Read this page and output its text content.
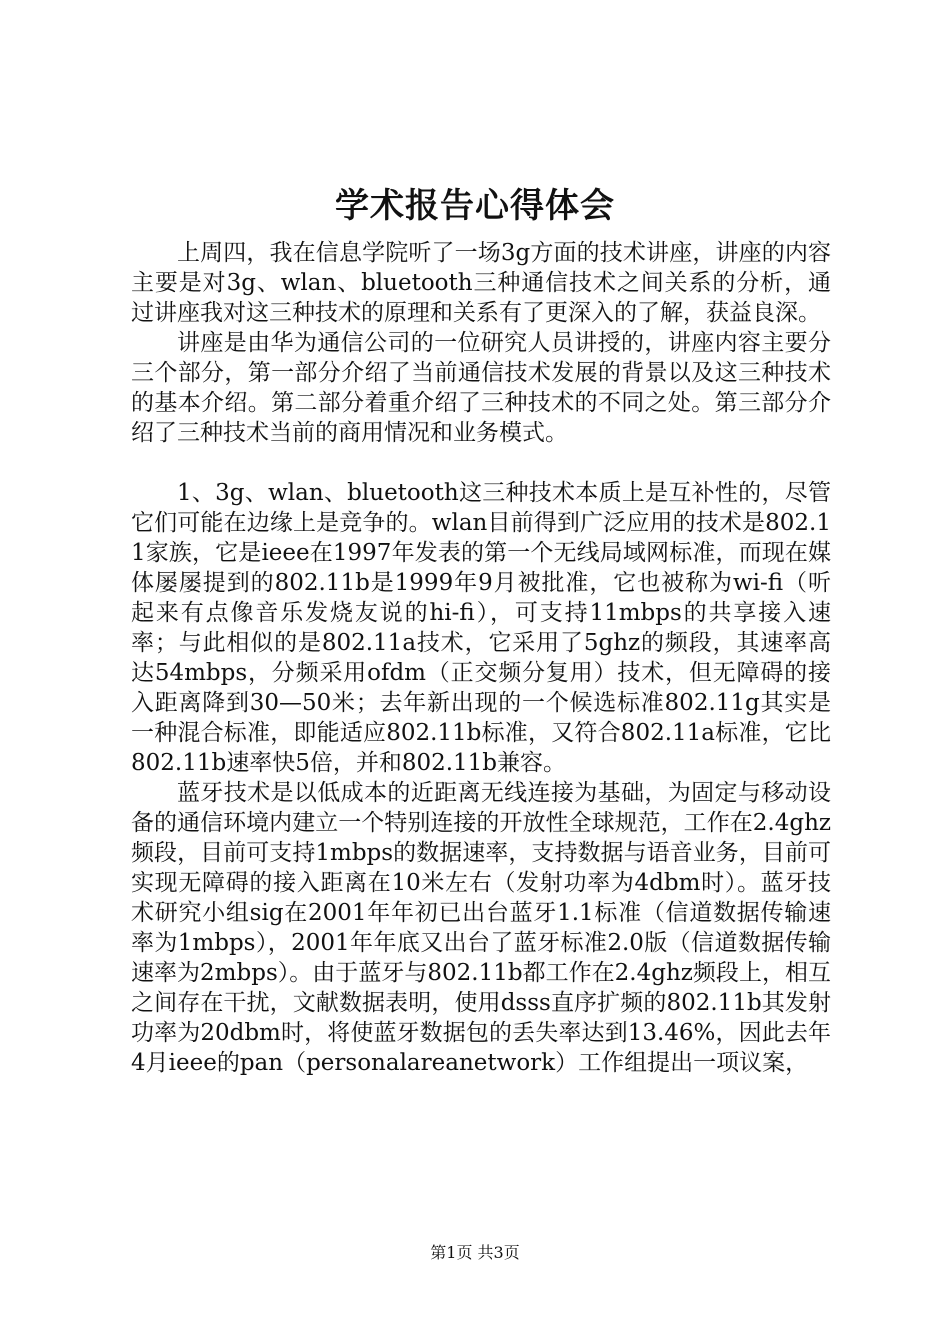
学术报告心得体会

上周四，我在信息学院听了一场3g方面的技术讲座，讲座的内容主要是对3g、wlan、bluetooth三种通信技术之间关系的分析，通过讲座我对这三种技术的原理和关系有了更深入的了解，获益良深。

讲座是由华为通信公司的一位研究人员讲授的，讲座内容主要分三个部分，第一部分介绍了当前通信技术发展的背景以及这三种技术的基本介绍。第二部分着重介绍了三种技术的不同之处。第三部分介绍了三种技术当前的商用情况和业务模式。

1、3g、wlan、bluetooth这三种技术本质上是互补性的，尽管它们可能在边缘上是竞争的。wlan目前得到广泛应用的技术是802.11家族，它是ieee在1997年发表的第一个无线局域网标准，而现在媒体屡屡提到的802.11b是1999年9月被批准，它也被称为wi-fi（听起来有点像音乐发烧友说的hi-fi），可支持11mbps的共享接入速率；与此相似的是802.11a技术，它采用了5ghz的频段，其速率高达54mbps，分频采用ofdm（正交频分复用）技术，但无障碍的接入距离降到30—50米；去年新出现的一个候选标准802.11g其实是一种混合标准，即能适应802.11b标准，又符合802.11a标准，它比802.11b速率快5倍，并和802.11b兼容。

蓝牙技术是以低成本的近距离无线连接为基础，为固定与移动设备的通信环境内建立一个特别连接的开放性全球规范，工作在2.4ghz频段，目前可支持1mbps的数据速率，支持数据与语音业务，目前可实现无障碍的接入距离在10米左右（发射功率为4dbm时）。蓝牙技术研究小组sig在2001年年初已出台蓝牙1.1标准（信道数据传输速率为1mbps），2001年年底又出台了蓝牙标准2.0版（信道数据传输速率为2mbps）。由于蓝牙与802.11b都工作在2.4ghz频段上，相互之间存在干扰，文献数据表明，使用dsss直序扩频的802.11b其发射功率为20dbm时，将使蓝牙数据包的丢失率达到13.46%，因此去年4月ieee的pan（personalareanetwork）工作组提出一项议案，

第1页 共3页
